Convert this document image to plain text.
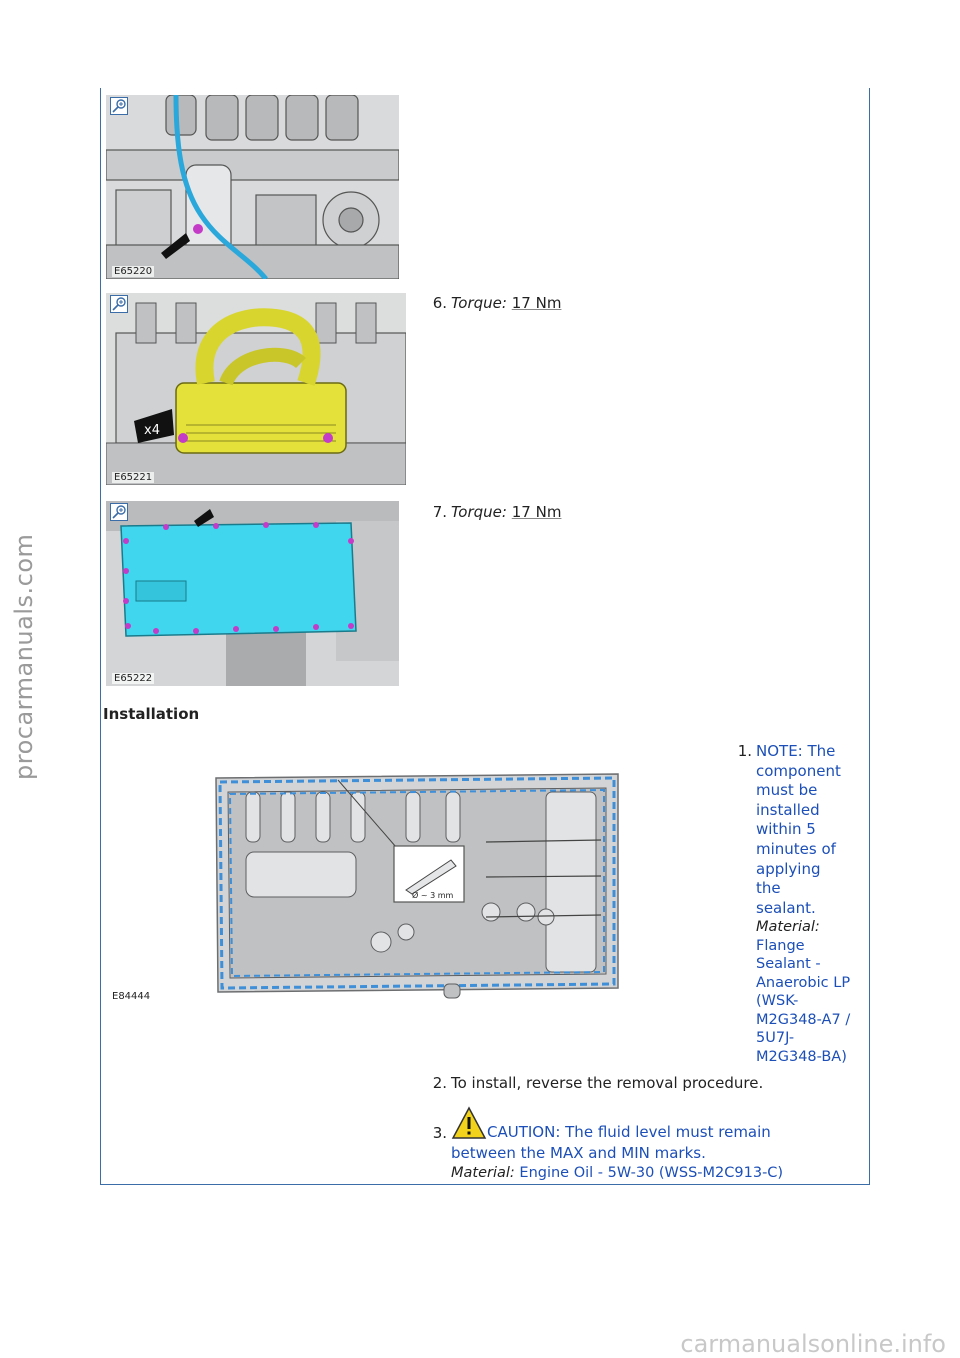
procarmanuals.com
carmanualsonline.info
E65220
x4
E65221
E65222
6. Torque: 17 Nm
7. Torque: 17 Nm
Installation
Ø ~ 3 mm
E84444
1. NOTE: The
component
must be
installed
within 5
minutes of
applying
the
sealant.
Material:
Flange
Sealant -
Anaerobic LP
(WSK-
M2G348-A7 /
5U7J-
M2G348-BA)
2. To install, reverse the removal procedure.
3.	CAUTION: The fluid level must remain
between the MAX and MIN marks.
Material: Engine Oil - 5W-30 (WSS-M2C913-C)
